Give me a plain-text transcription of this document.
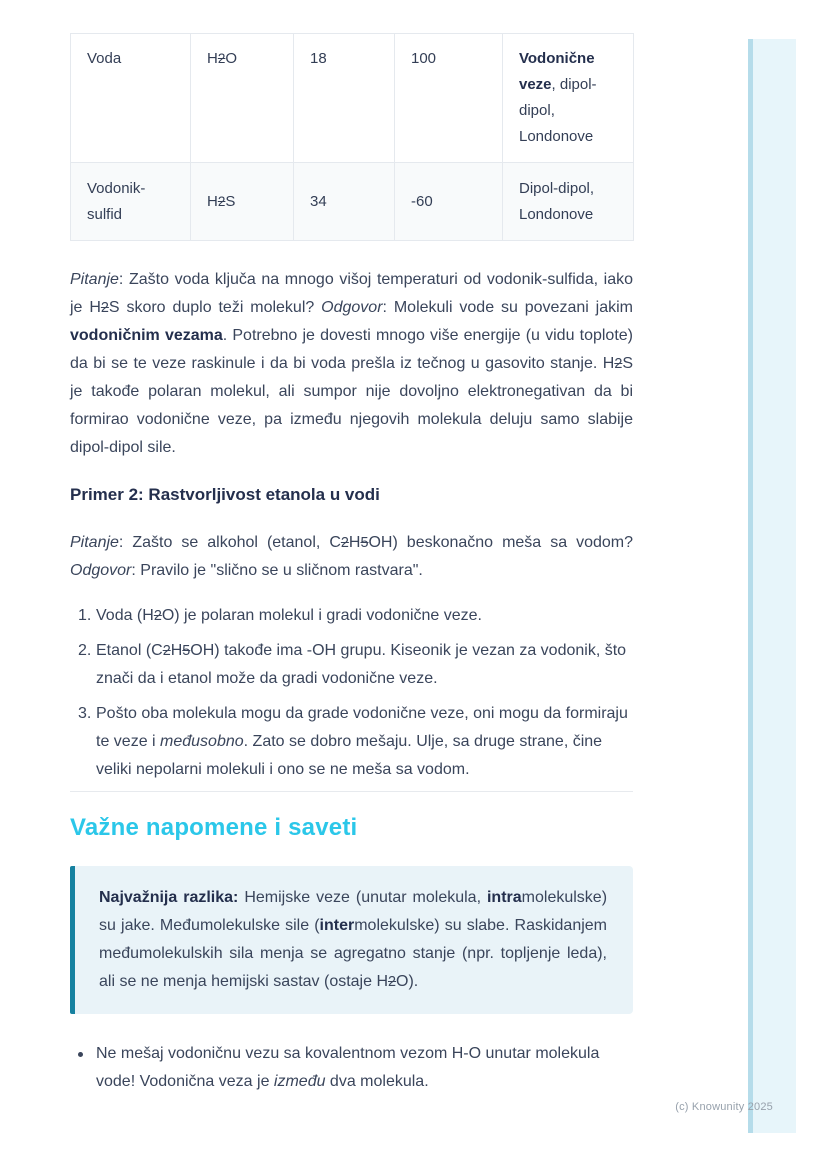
Voda	H2O	18	100	Vodonične veze, dipol-dipol, Londonove
Vodonik-sulfid	H2S	34	-60	Dipol-dipol, Londonove

Pitanje: Zašto voda ključa na mnogo višoj temperaturi od vodonik-sulfida, iako je H2S skoro duplo teži molekul? Odgovor: Molekuli vode su povezani jakim vodoničnim vezama. Potrebno je dovesti mnogo više energije (u vidu toplote) da bi se te veze raskinule i da bi voda prešla iz tečnog u gasovito stanje. H2S je takođe polaran molekul, ali sumpor nije dovoljno elektronegativan da bi formirao vodonične veze, pa između njegovih molekula deluju samo slabije dipol-dipol sile.

Primer 2: Rastvorljivost etanola u vodi

Pitanje: Zašto se alkohol (etanol, C2H5OH) beskonačno meša sa vodom? Odgovor: Pravilo je "slično se u sličnom rastvara".

1. Voda (H2O) je polaran molekul i gradi vodonične veze.
2. Etanol (C2H5OH) takođe ima -OH grupu. Kiseonik je vezan za vodonik, što znači da i etanol može da gradi vodonične veze.
3. Pošto oba molekula mogu da grade vodonične veze, oni mogu da formiraju te veze i međusobno. Zato se dobro mešaju. Ulje, sa druge strane, čine veliki nepolarni molekuli i ono se ne meša sa vodom.
Važne napomene i saveti

Najvažnija razlika: Hemijske veze (unutar molekula, intramolekulske) su jake. Međumolekulske sile (intermolekulske) su slabe. Raskidanjem međumolekulskih sila menja se agregatno stanje (npr. topljenje leda), ali se ne menja hemijski sastav (ostaje H2O).

Ne mešaj vodoničnu vezu sa kovalentnom vezom H-O unutar molekula vode! Vodonična veza je između dva molekula.
(c) Knowunity 2025
